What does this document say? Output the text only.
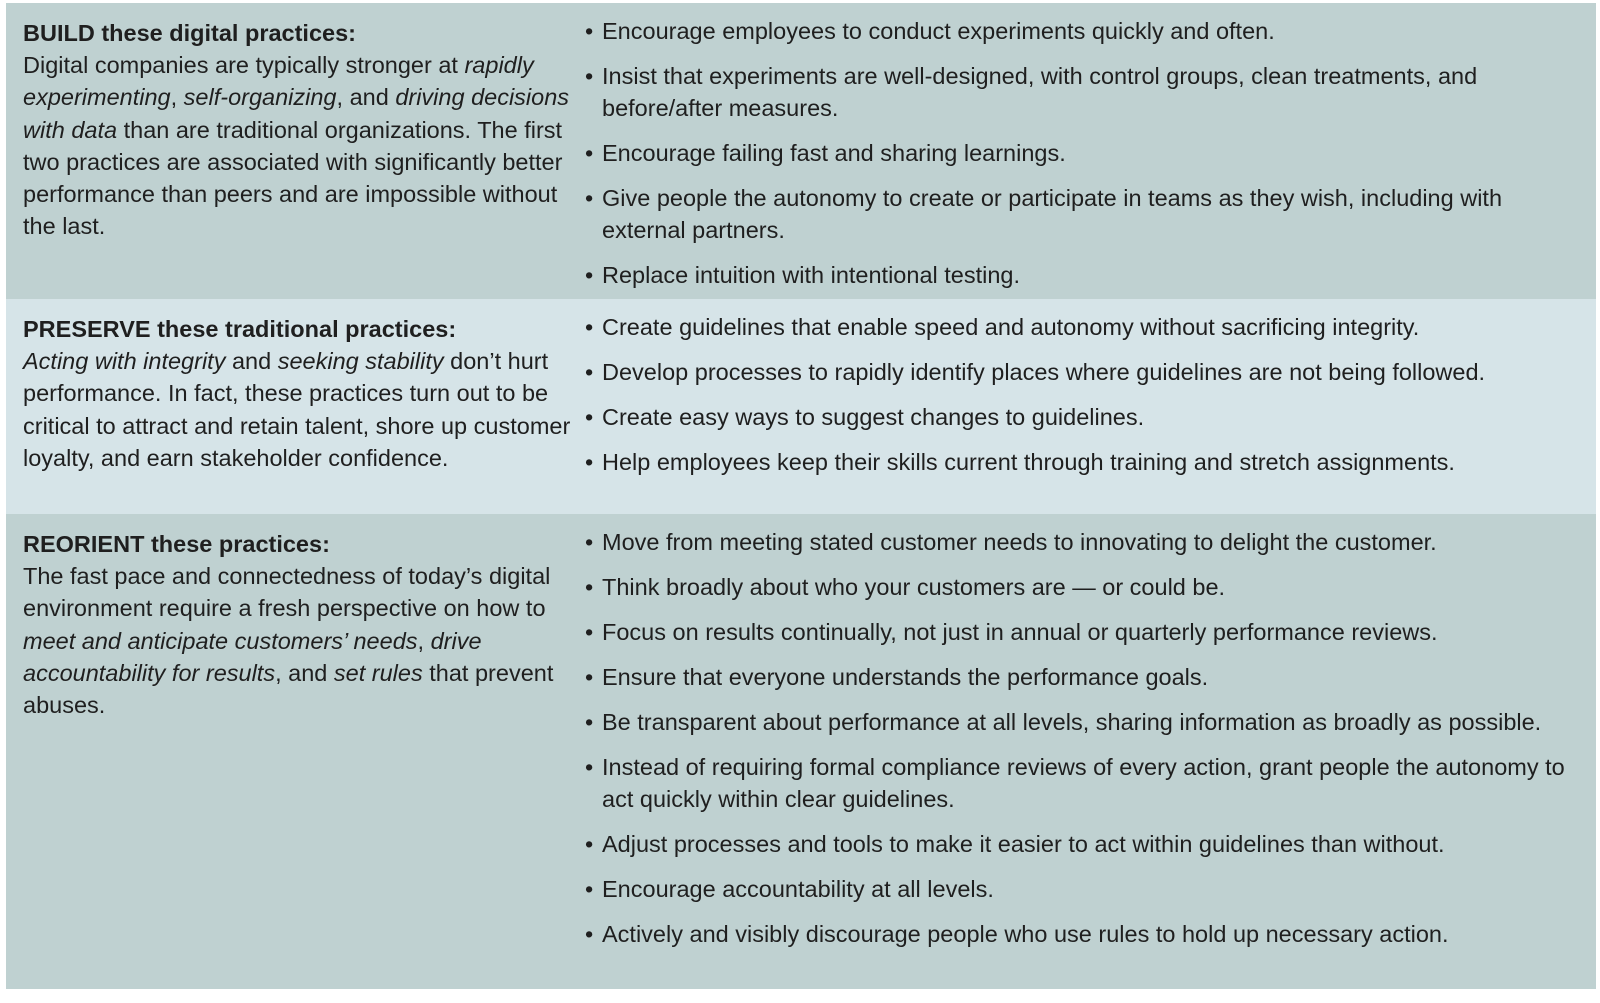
BUILD these digital practices:
Digital companies are typically stronger at rapidly experimenting, self-organizing, and driving decisions with data than are traditional organizations. The first two practices are associated with significantly better performance than peers and are impossible without the last.
• Encourage employees to conduct experiments quickly and often.
• Insist that experiments are well-designed, with control groups, clean treatments, and before/after measures.
• Encourage failing fast and sharing learnings.
• Give people the autonomy to create or participate in teams as they wish, including with external partners.
• Replace intuition with intentional testing.
PRESERVE these traditional practices:
Acting with integrity and seeking stability don’t hurt performance. In fact, these practices turn out to be critical to attract and retain talent, shore up customer loyalty, and earn stakeholder confidence.
• Create guidelines that enable speed and autonomy without sacrificing integrity.
• Develop processes to rapidly identify places where guidelines are not being followed.
• Create easy ways to suggest changes to guidelines.
• Help employees keep their skills current through training and stretch assignments.
REORIENT these practices:
The fast pace and connectedness of today’s digital environment require a fresh perspective on how to meet and anticipate customers’ needs, drive accountability for results, and set rules that prevent abuses.
• Move from meeting stated customer needs to innovating to delight the customer.
• Think broadly about who your customers are — or could be.
• Focus on results continually, not just in annual or quarterly performance reviews.
• Ensure that everyone understands the performance goals.
• Be transparent about performance at all levels, sharing information as broadly as possible.
• Instead of requiring formal compliance reviews of every action, grant people the autonomy to act quickly within clear guidelines.
• Adjust processes and tools to make it easier to act within guidelines than without.
• Encourage accountability at all levels.
• Actively and visibly discourage people who use rules to hold up necessary action.
